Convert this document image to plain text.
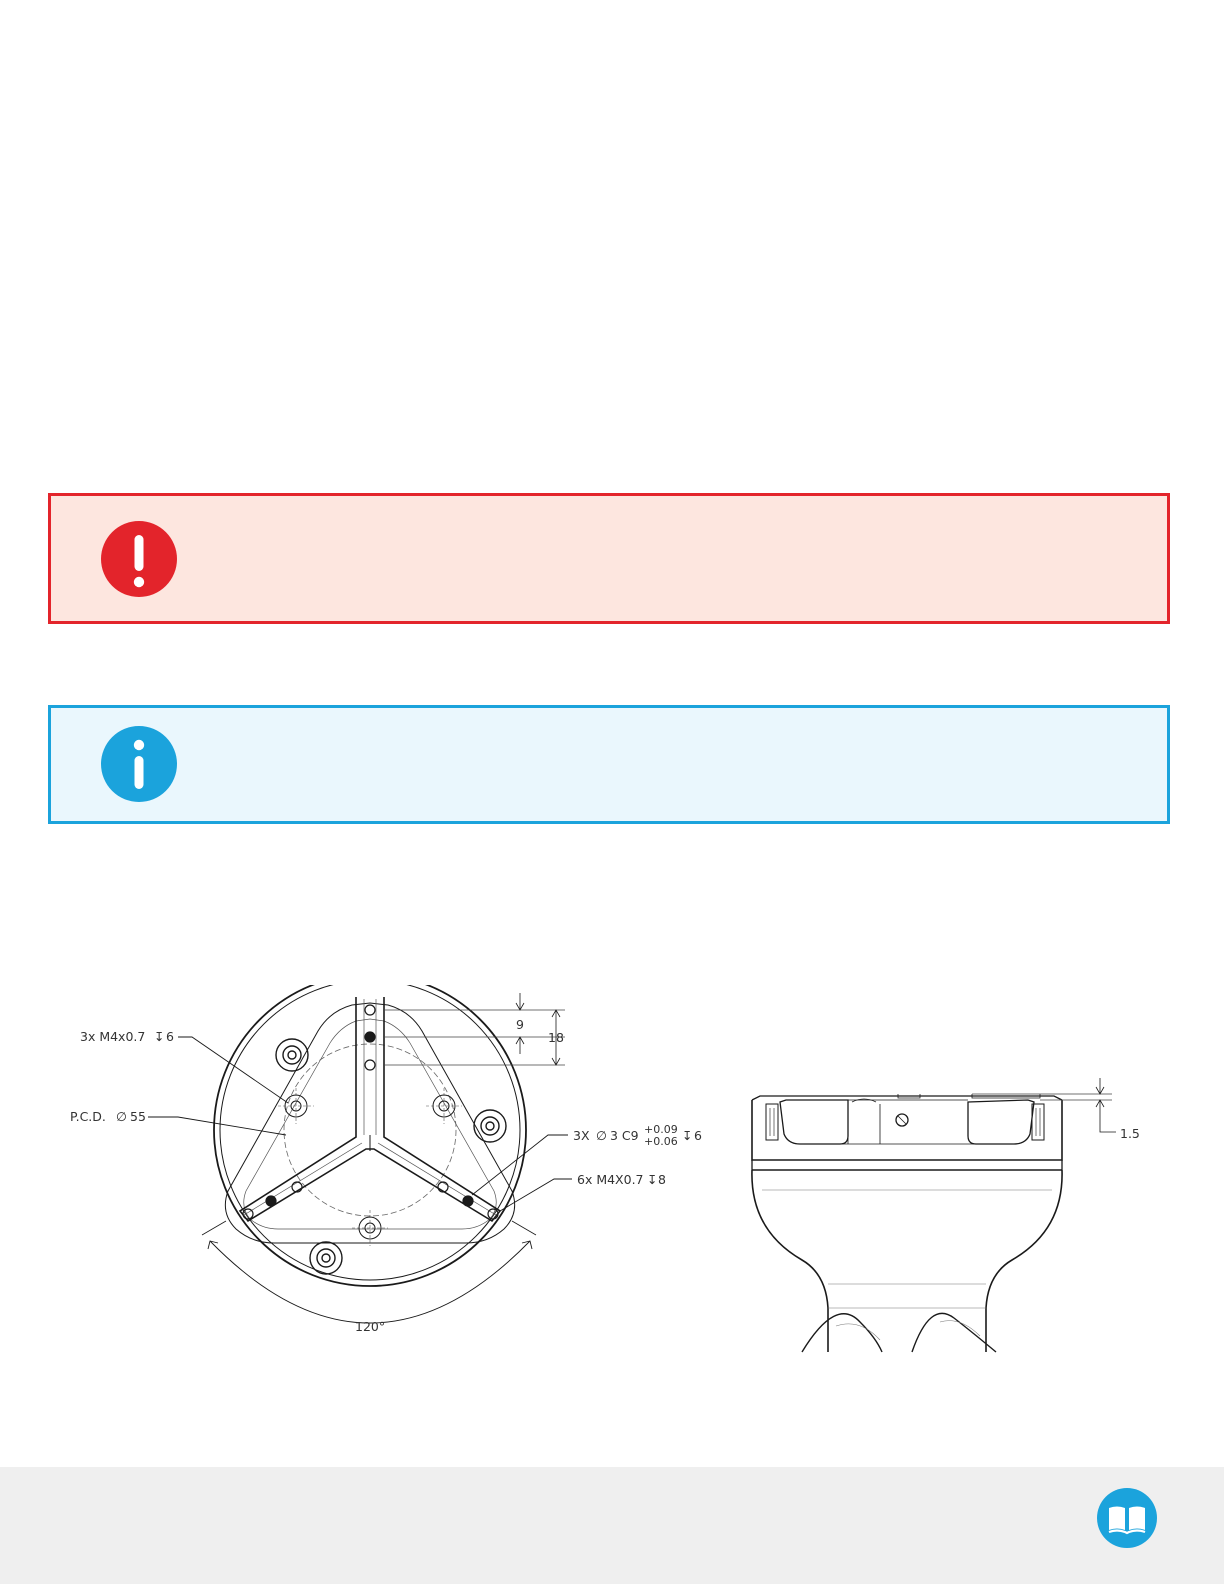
3x M4x0.7 ↧ 6
P.C.D. ∅ 55
3X ∅ 3 C9 +0.09
+0.06 ↧ 6
6x M4X0.7 ↧ 8
120°
9
18
1.5
